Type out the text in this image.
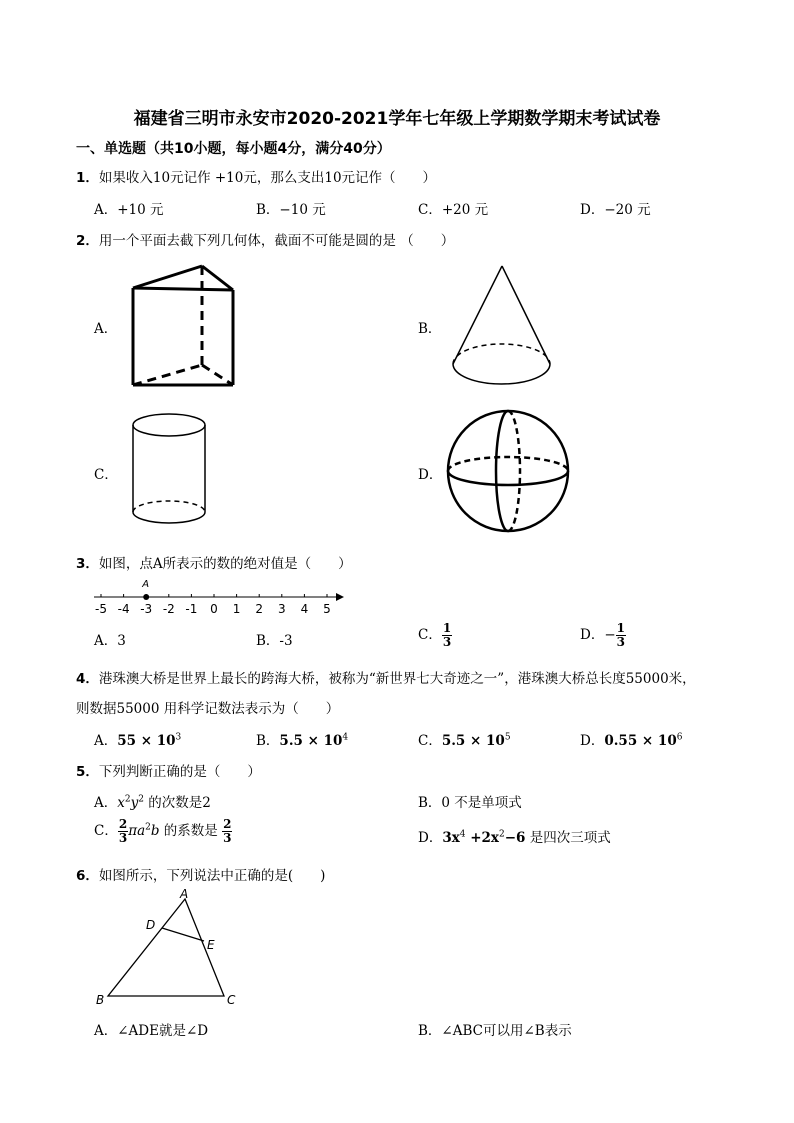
福建省三明市永安市2020-2021学年七年级上学期数学期末考试试卷
一、单选题（共10小题，每小题4分，满分40分）
1．如果收入10元记作 +10元，那么支出10元记作（　　）
A．+10 元	B．−10 元	C．+20 元	D．−20 元
2．用一个平面去截下列几何体，截面不可能是圆的是 （　　）
A．	B．
C．	D．
3．如图，点A所表示的数的绝对值是（　　）
-5 -4 -3 -2 -1 0 1 2 3 4 5
A
A．3	B．-3	C． $\frac{1}{3}$	D．− $\frac{1}{3}$
4．港珠澳大桥是世界上最长的跨海大桥，被称为“新世界七大奇迹之一”，港珠澳大桥总长度55000米，
则数据55000 用科学记数法表示为（　　）
A．$55 \times 10^3$	B．$5.5 \times 10^4$	C．$5.5 \times 10^5$	D．$0.55 \times 10^6$
5．下列判断正确的是（　　）
A．$x^2y^2$ 的次数是2	B．0 不是单项式
C． $\frac{2}{3} \pi a^2b$ 的系数是 $\frac{2}{3}$	D．$3x^4 +2x^2-6$ 是四次三项式
6．如图所示，下列说法中正确的是(　　)
A
B	C
D
E
A．∠ADE就是∠D	B．∠ABC可以用∠B表示
